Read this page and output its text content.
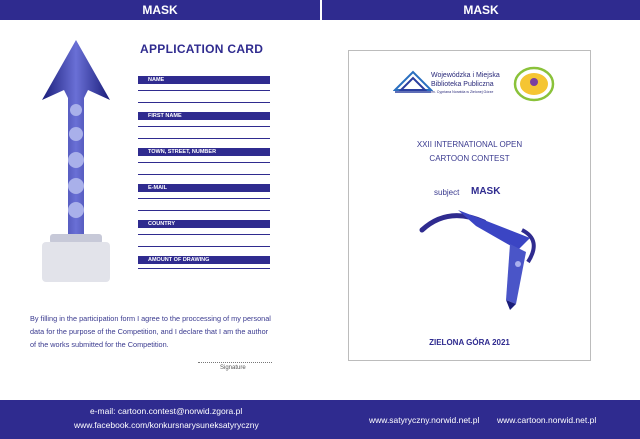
MASK	MASK
APPLICATION CARD
NAME
FIRST NAME
TOWN, STREET, NUMBER
E-MAIL
COUNTRY
AMOUNT OF DRAWING
By filling in the participation form I agree to the proccessing of my personal
data for the purpose of the Competition, and I declare that I am the author
of the works submitted for the Competition.
Signature
Wojewódzka i Miejska
Biblioteka Publiczna
im. Cypriana Norwida w Zielonej Górze
XXII INTERNATIONAL OPEN
CARTOON CONTEST
subject MASK
ZIELONA GÓRA 2021
e-mail: cartoon.contest@norwid.zgora.pl
www.facebook.com/konkursnarysuneksatyryczny	www.satyryczny.norwid.net.pl www.cartoon.norwid.net.pl
